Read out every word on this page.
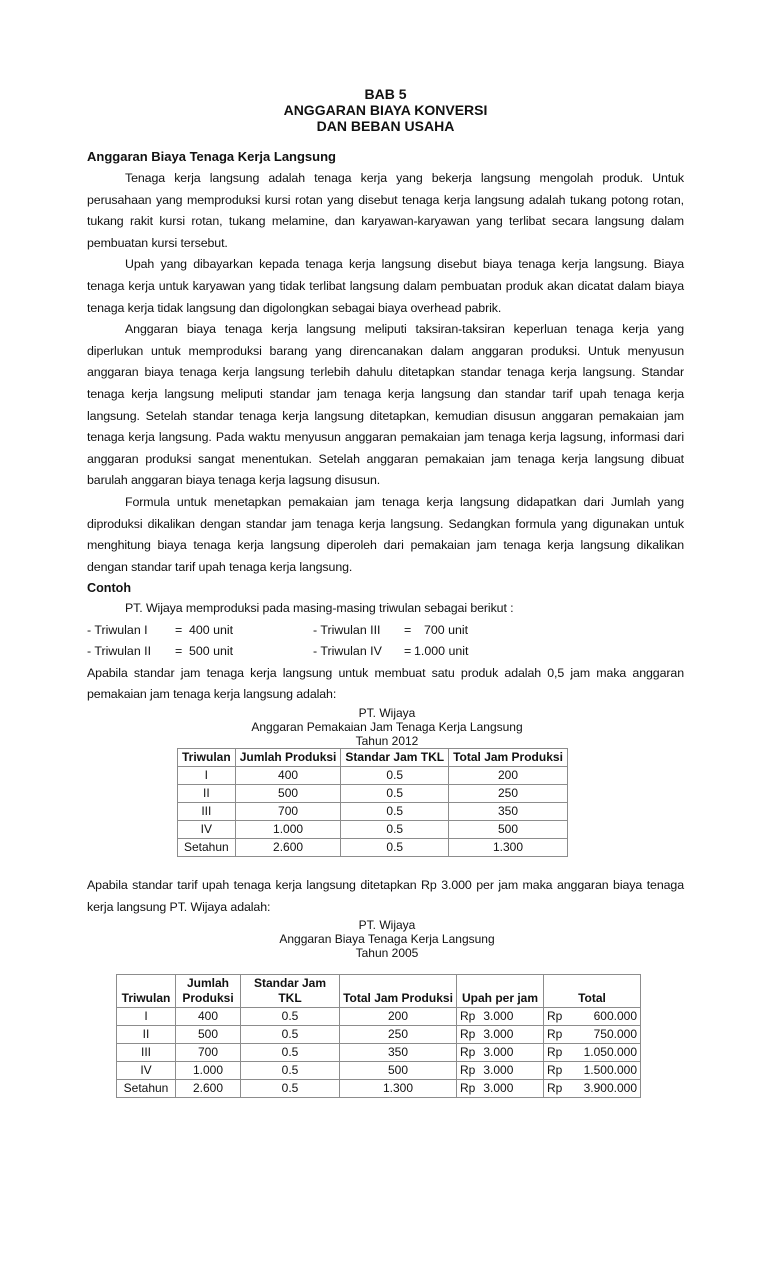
BAB 5
ANGGARAN BIAYA KONVERSI
DAN BEBAN USAHA
Anggaran Biaya Tenaga Kerja Langsung

Tenaga kerja langsung adalah tenaga kerja yang bekerja langsung mengolah produk. Untuk perusahaan yang memproduksi kursi rotan yang disebut tenaga kerja langsung adalah tukang potong rotan, tukang rakit kursi rotan, tukang melamine, dan karyawan-karyawan yang terlibat secara langsung dalam pembuatan kursi tersebut.

Upah yang dibayarkan kepada tenaga kerja langsung disebut biaya tenaga kerja langsung. Biaya tenaga kerja untuk karyawan yang tidak terlibat langsung dalam pembuatan produk akan dicatat dalam biaya tenaga kerja tidak langsung dan digolongkan sebagai biaya overhead pabrik.

Anggaran biaya tenaga kerja langsung meliputi taksiran-taksiran keperluan tenaga kerja yang diperlukan untuk memproduksi barang yang direncanakan dalam anggaran produksi. Untuk menyusun anggaran biaya tenaga kerja langsung terlebih dahulu ditetapkan standar tenaga kerja langsung. Standar tenaga kerja langsung meliputi standar jam tenaga kerja langsung dan standar tarif upah tenaga kerja langsung. Setelah standar tenaga kerja langsung ditetapkan, kemudian disusun anggaran pemakaian jam tenaga kerja langsung. Pada waktu menyusun anggaran pemakaian jam tenaga kerja lagsung, informasi dari anggaran produksi sangat menentukan. Setelah anggaran pemakaian jam tenaga kerja langsung dibuat barulah anggaran biaya tenaga kerja lagsung disusun.

Formula untuk menetapkan pemakaian jam tenaga kerja langsung didapatkan dari Jumlah yang diproduksi dikalikan dengan standar jam tenaga kerja langsung. Sedangkan formula yang digunakan untuk menghitung biaya tenaga kerja langsung diperoleh dari pemakaian jam tenaga kerja langsung dikalikan dengan standar tarif upah tenaga kerja langsung.

Contoh

PT. Wijaya memproduksi pada masing-masing triwulan sebagai berikut :

- Triwulan I = 400 unit
- Triwulan II = 500 unit
- Triwulan III = 700 unit
- Triwulan IV = 1.000 unit

Apabila standar jam tenaga kerja langsung untuk membuat satu produk adalah 0,5 jam maka anggaran pemakaian jam tenaga kerja langsung adalah:

PT. Wijaya
Anggaran Pemakaian Jam Tenaga Kerja Langsung
Tahun 2012
Triwulan	Jumlah Produksi	Standar Jam TKL	Total Jam Produksi
I	400	0.5	200
II	500	0.5	250
III	700	0.5	350
IV	1.000	0.5	500
Setahun	2.600	0.5	1.300

Apabila standar tarif upah tenaga kerja langsung ditetapkan Rp 3.000 per jam maka anggaran biaya tenaga kerja langsung PT. Wijaya adalah:

PT. Wijaya
Anggaran Biaya Tenaga Kerja Langsung
Tahun 2005
Triwulan	Jumlah Produksi	Standar Jam TKL	Total Jam Produksi	Upah per jam	Total
I	400	0.5	200	Rp 3.000	Rp 600.000

II	500	0.5	250	Rp 3.000	Rp 750.000

III	700	0.5	350	Rp 3.000	Rp 1.050.000

IV	1.000	0.5	500	Rp 3.000	Rp 1.500.000

Setahun	2.600	0.5	1.300	Rp 3.000	Rp 3.900.000
